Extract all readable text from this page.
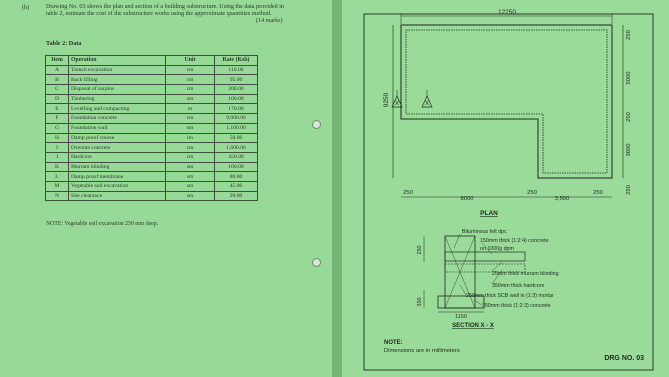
(b)	Drawing No. 03 shows the plan and section of a building substructure. Using the data provided in table 2, estimate the cost of the substructure works using the approximate quantities method.
(14 marks)
Table 2: Data
Item	Operation	Unit	Rate (Ksh)
A	Trench excavation	cm	110.00
B	Back filling	cm	95.00
C	Disposal of surplus	cm	200.00
D	Timbering	sm	100.00
E	Levelling and compacting	m	170.00
F	Foundation concrete	cm	9,000.00
G	Foundation wall	sm	1,100.00
H	Damp proof course	lm	50.00
I	Oversite concrete	cm	1,600.00
J	Hardcore	cm	450.00
K	Murram blinding	sm	100.00
L	Damp proof membrane	sm	80.00
M	Vegetable soil excavation	sm	45.00
N	Site clearance	sm	20.00
NOTE: Vegetable soil excavation 250 mm deep.
12250
9250 X	X
250
5000
250
3600
250
250
8000
250
3,500
250
PLAN
250
350
1150
Bituminous felt dpc
150mm thick (1:2:4) concrete
on 1000g dpm
25mm thick murram blinding
350mm thick hardcore
250mm thick SCB wall in (1:3) mortar
350mm thick (1:2:3) concrete
SECTION X - X
NOTE:
Dimensions are in millimeters
DRG NO. 03
